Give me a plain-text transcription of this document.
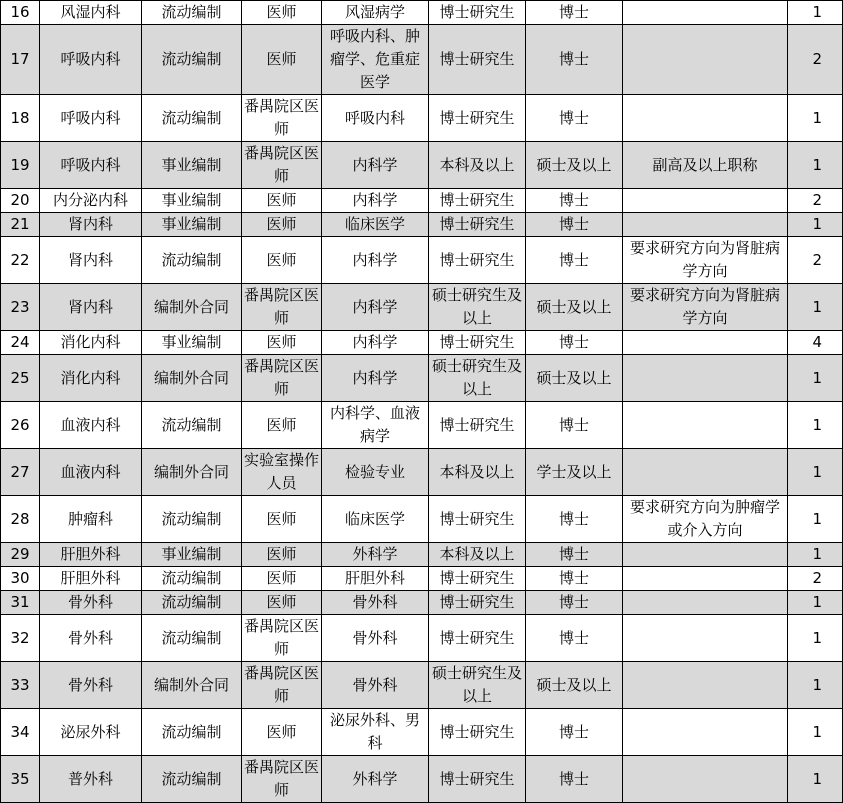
16	风湿内科	流动编制	医师	风湿病学	博士研究生	博士		1
17	呼吸内科	流动编制	医师	呼吸内科、肿瘤学、危重症医学	博士研究生	博士		2
18	呼吸内科	流动编制	番禺院区医师	呼吸内科	博士研究生	博士		1
19	呼吸内科	事业编制	番禺院区医师	内科学	本科及以上	硕士及以上	副高及以上职称	1
20	内分泌内科	事业编制	医师	内科学	博士研究生	博士		2
21	肾内科	事业编制	医师	临床医学	博士研究生	博士		1
22	肾内科	流动编制	医师	内科学	博士研究生	博士	要求研究方向为肾脏病学方向	2
23	肾内科	编制外合同	番禺院区医师	内科学	硕士研究生及以上	硕士及以上	要求研究方向为肾脏病学方向	1
24	消化内科	事业编制	医师	内科学	博士研究生	博士		4
25	消化内科	编制外合同	番禺院区医师	内科学	硕士研究生及以上	硕士及以上		1
26	血液内科	流动编制	医师	内科学、血液病学	博士研究生	博士		1
27	血液内科	编制外合同	实验室操作人员	检验专业	本科及以上	学士及以上		1
28	肿瘤科	流动编制	医师	临床医学	博士研究生	博士	要求研究方向为肿瘤学或介入方向	1
29	肝胆外科	事业编制	医师	外科学	本科及以上	博士		1
30	肝胆外科	流动编制	医师	肝胆外科	博士研究生	博士		2
31	骨外科	流动编制	医师	骨外科	博士研究生	博士		1
32	骨外科	流动编制	番禺院区医师	骨外科	博士研究生	博士		1
33	骨外科	编制外合同	番禺院区医师	骨外科	硕士研究生及以上	硕士及以上		1
34	泌尿外科	流动编制	医师	泌尿外科、男科	博士研究生	博士		1
35	普外科	流动编制	番禺院区医师	外科学	博士研究生	博士		1
